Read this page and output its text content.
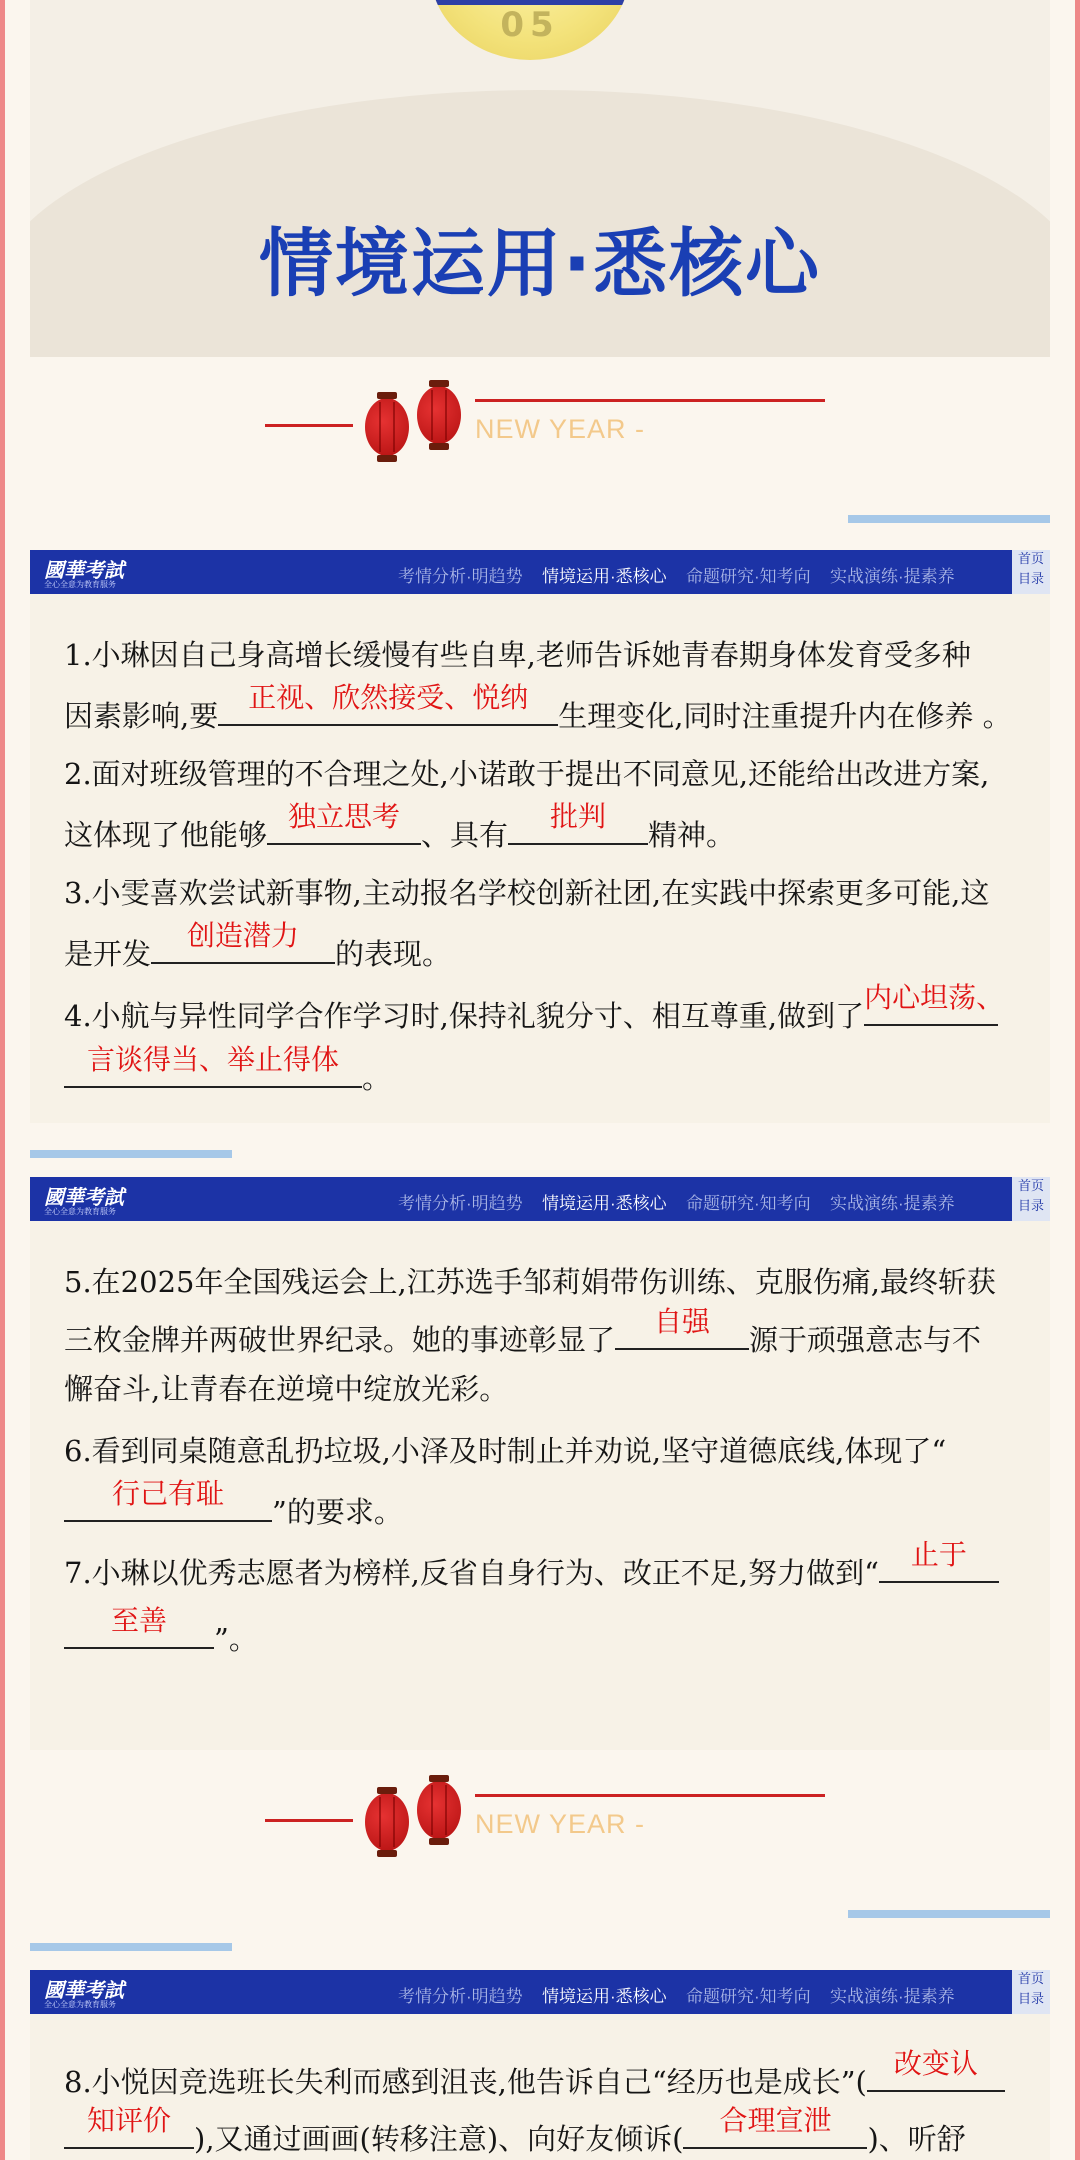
05
情境运用·悉核心
NEW YEAR -
國華考試
全心全意为教育服务	考情分析·明趋势 情境运用·悉核心 命题研究·知考向 实战演练·提素养
首页
目录
1.小琳因自己身高增长缓慢有些自卑,老师告诉她青春期身体发育受多种
因素影响,要
正视、欣然接受、悦纳
生理变化,同时注重提升内在修养 。
2.面对班级管理的不合理之处,小诺敢于提出不同意见,还能给出改进方案,
这体现了他能够
独立思考
、具有
批判
精神。
3.小雯喜欢尝试新事物,主动报名学校创新社团,在实践中探索更多可能,这
是开发
创造潜力
的表现。
4.小航与异性同学合作学习时,保持礼貌分寸、相互尊重,做到了
内心坦荡、
言谈得当、举止得体
。
國華考試
全心全意为教育服务	考情分析·明趋势 情境运用·悉核心 命题研究·知考向 实战演练·提素养
首页
目录
5.在2025年全国残运会上,江苏选手邹莉娟带伤训练、克服伤痛,最终斩获
三枚金牌并两破世界纪录。她的事迹彰显了
自强
源于顽强意志与不
懈奋斗,让青春在逆境中绽放光彩。
6.看到同桌随意乱扔垃圾,小泽及时制止并劝说,坚守道德底线,体现了“
行己有耻
”的要求。
7.小琳以优秀志愿者为榜样,反省自身行为、改正不足,努力做到“
止于
至善
”。
NEW YEAR -
國華考試
全心全意为教育服务	考情分析·明趋势 情境运用·悉核心 命题研究·知考向 实战演练·提素养
首页
目录
8.小悦因竞选班长失利而感到沮丧,他告诉自己“经历也是成长”(
改变认
知评价
),又通过画画(转移注意)、向好友倾诉(
合理宣泄
)、听舒
